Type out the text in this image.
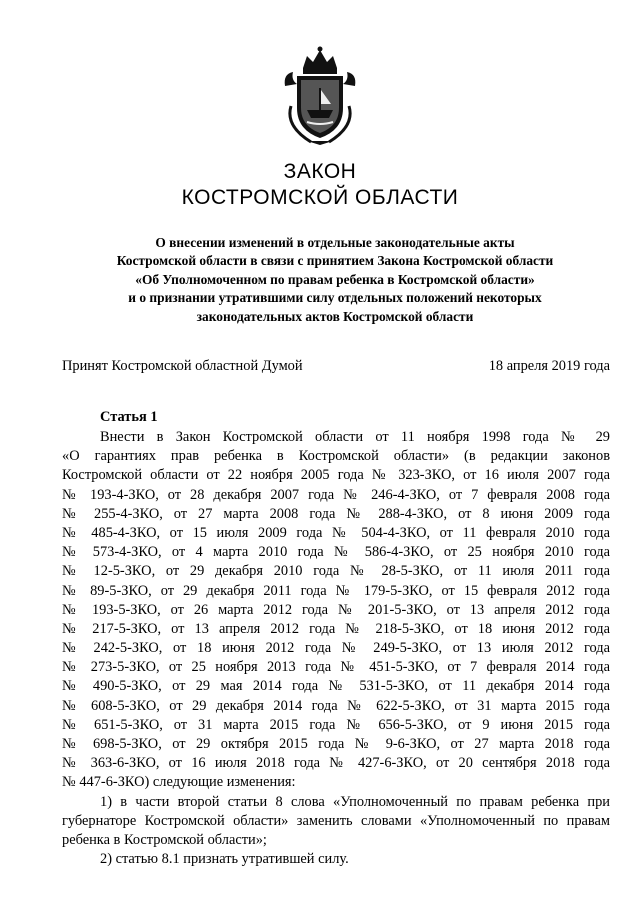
ЗАКОН
КОСТРОМСКОЙ ОБЛАСТИ
О внесении изменений в отдельные законодательные акты
Костромской области в связи с принятием Закона Костромской области
«Об Уполномоченном по правам ребенка в Костромской области»
и о признании утратившими силу отдельных положений некоторых
законодательных актов Костромской области
Принят Костромской областной Думой	18 апреля 2019 года
Статья 1
Внести в Закон Костромской области от 11 ноября 1998 года № 29
«О гарантиях прав ребенка в Костромской области» (в редакции законов
Костромской области от 22 ноября 2005 года № 323-ЗКО, от 16 июля 2007 года
№ 193-4-ЗКО, от 28 декабря 2007 года № 246-4-ЗКО, от 7 февраля 2008 года
№ 255-4-ЗКО, от 27 марта 2008 года № 288-4-ЗКО, от 8 июня 2009 года
№ 485-4-ЗКО, от 15 июля 2009 года № 504-4-ЗКО, от 11 февраля 2010 года
№ 573-4-ЗКО, от 4 марта 2010 года № 586-4-ЗКО, от 25 ноября 2010 года
№ 12-5-ЗКО, от 29 декабря 2010 года № 28-5-ЗКО, от 11 июля 2011 года
№ 89-5-ЗКО, от 29 декабря 2011 года № 179-5-ЗКО, от 15 февраля 2012 года
№ 193-5-ЗКО, от 26 марта 2012 года № 201-5-ЗКО, от 13 апреля 2012 года
№ 217-5-ЗКО, от 13 апреля 2012 года № 218-5-ЗКО, от 18 июня 2012 года
№ 242-5-ЗКО, от 18 июня 2012 года № 249-5-ЗКО, от 13 июля 2012 года
№ 273-5-ЗКО, от 25 ноября 2013 года № 451-5-ЗКО, от 7 февраля 2014 года
№ 490-5-ЗКО, от 29 мая 2014 года № 531-5-ЗКО, от 11 декабря 2014 года
№ 608-5-ЗКО, от 29 декабря 2014 года № 622-5-ЗКО, от 31 марта 2015 года
№ 651-5-ЗКО, от 31 марта 2015 года № 656-5-ЗКО, от 9 июня 2015 года
№ 698-5-ЗКО, от 29 октября 2015 года № 9-6-ЗКО, от 27 марта 2018 года
№ 363-6-ЗКО, от 16 июля 2018 года № 427-6-ЗКО, от 20 сентября 2018 года
№ 447-6-ЗКО) следующие изменения:
1) в части второй статьи 8 слова «Уполномоченный по правам ребенка при
губернаторе Костромской области» заменить словами «Уполномоченный по правам
ребенка в Костромской области»;
2) статью 8.1 признать утратившей силу.
